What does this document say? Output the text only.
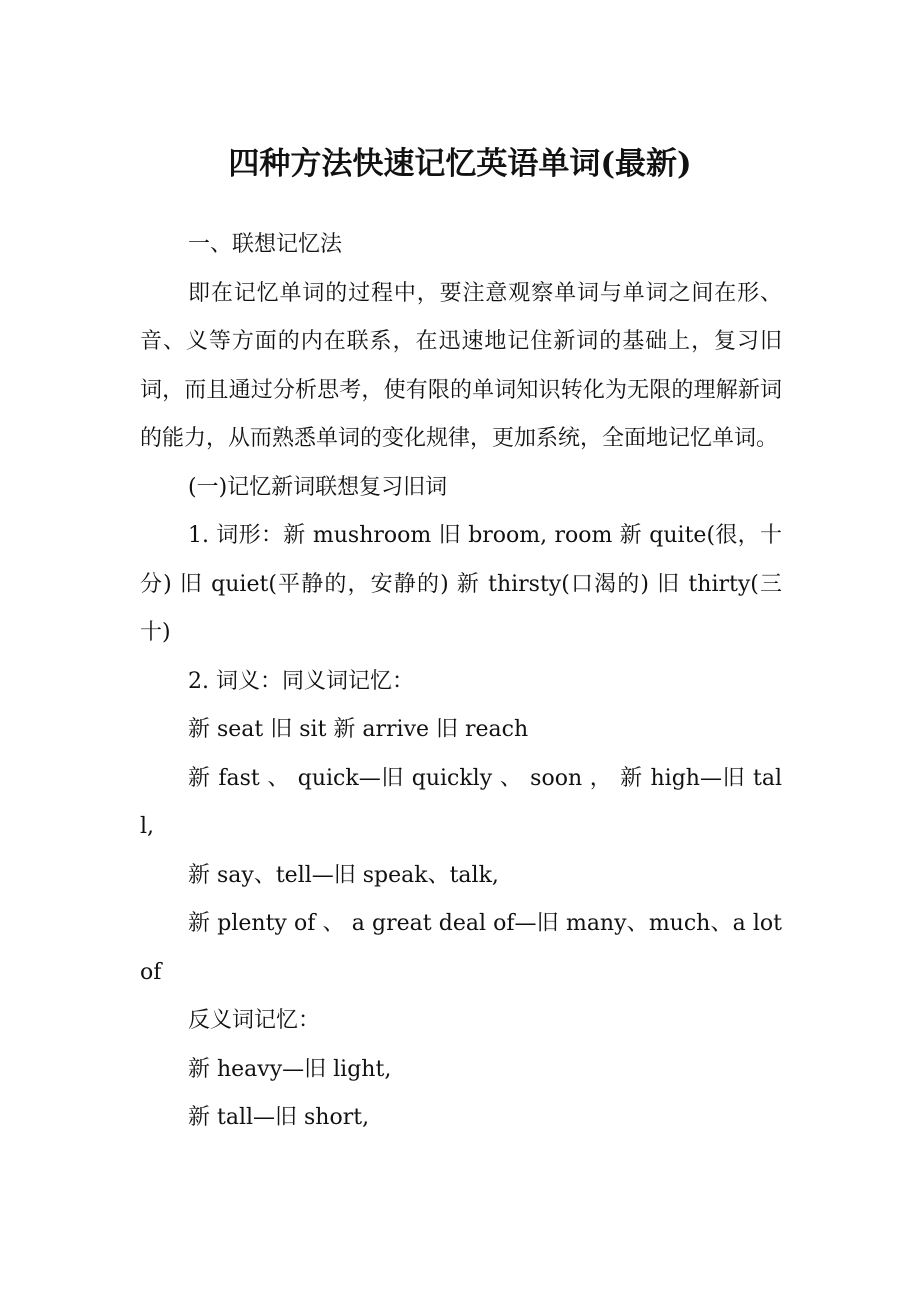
四种方法快速记忆英语单词(最新)

一、联想记忆法

即在记忆单词的过程中，要注意观察单词与单词之间在形、音、义等方面的内在联系，在迅速地记住新词的基础上，复习旧词，而且通过分析思考，使有限的单词知识转化为无限的理解新词的能力，从而熟悉单词的变化规律，更加系统，全面地记忆单词。

(一)记忆新词联想复习旧词

1. 词形：新 mushroom 旧 broom, room 新 quite(很，十分) 旧 quiet(平静的，安静的) 新 thirsty(口渴的) 旧 thirty(三十)

2. 词义：同义词记忆：

新 seat 旧 sit 新 arrive 旧 reach

新 fast 、 quick—旧 quickly 、 soon ， 新 high—旧 tall,

新 say、tell—旧 speak、talk,

新 plenty of 、 a great deal of—旧 many、much、a lot of

反义词记忆：

新 heavy—旧 light,

新 tall—旧 short,
